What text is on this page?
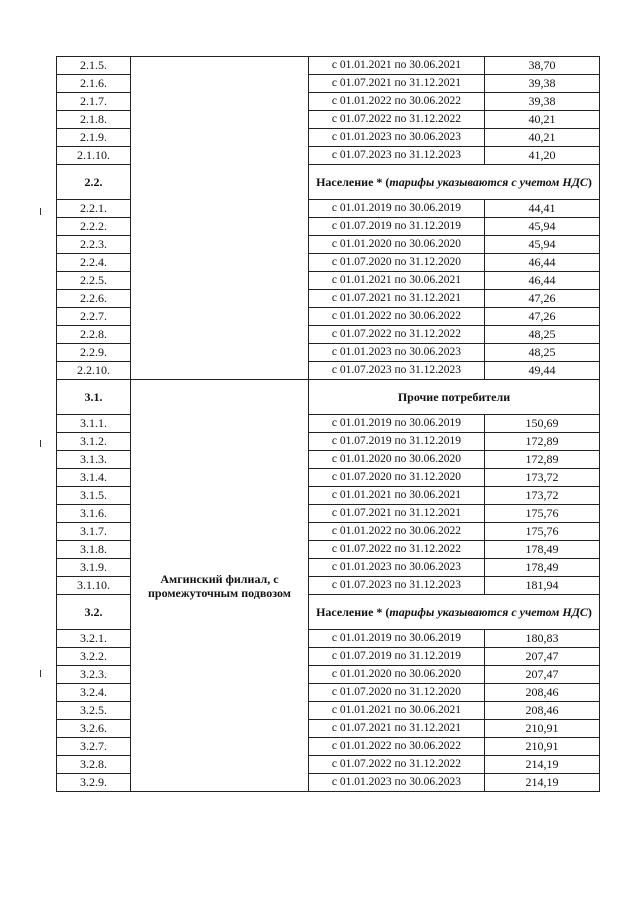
2.1.5.		с 01.01.2021 по 30.06.2021	38,70
2.1.6.		с 01.07.2021 по 31.12.2021	39,38
2.1.7.		с 01.01.2022 по 30.06.2022	39,38
2.1.8.		с 01.07.2022 по 31.12.2022	40,21
2.1.9.		с 01.01.2023 по 30.06.2023	40,21
2.1.10.		с 01.07.2023 по 31.12.2023	41,20
2.2.		Население * (тарифы указываются с учетом НДС)	
2.2.1.		с 01.01.2019 по 30.06.2019	44,41
2.2.2.		с 01.07.2019 по 31.12.2019	45,94
2.2.3.		с 01.01.2020 по 30.06.2020	45,94
2.2.4.		с 01.07.2020 по 31.12.2020	46,44
2.2.5.		с 01.01.2021 по 30.06.2021	46,44
2.2.6.		с 01.07.2021 по 31.12.2021	47,26
2.2.7.		с 01.01.2022 по 30.06.2022	47,26
2.2.8.		с 01.07.2022 по 31.12.2022	48,25
2.2.9.		с 01.01.2023 по 30.06.2023	48,25
2.2.10.		с 01.07.2023 по 31.12.2023	49,44
3.1.	Амгинский филиал, с промежуточным подвозом	Прочие потребители	
3.1.1.		с 01.01.2019 по 30.06.2019	150,69
3.1.2.		с 01.07.2019 по 31.12.2019	172,89
3.1.3.		с 01.01.2020 по 30.06.2020	172,89
3.1.4.		с 01.07.2020 по 31.12.2020	173,72
3.1.5.		с 01.01.2021 по 30.06.2021	173,72
3.1.6.		с 01.07.2021 по 31.12.2021	175,76
3.1.7.		с 01.01.2022 по 30.06.2022	175,76
3.1.8.		с 01.07.2022 по 31.12.2022	178,49
3.1.9.		с 01.01.2023 по 30.06.2023	178,49
3.1.10.		с 01.07.2023 по 31.12.2023	181,94
3.2.		Население * (тарифы указываются с учетом НДС)	
3.2.1.		с 01.01.2019 по 30.06.2019	180,83
3.2.2.		с 01.07.2019 по 31.12.2019	207,47
3.2.3.		с 01.01.2020 по 30.06.2020	207,47
3.2.4.		с 01.07.2020 по 31.12.2020	208,46
3.2.5.		с 01.01.2021 по 30.06.2021	208,46
3.2.6.		с 01.07.2021 по 31.12.2021	210,91
3.2.7.		с 01.01.2022 по 30.06.2022	210,91
3.2.8.		с 01.07.2022 по 31.12.2022	214,19
3.2.9.		с 01.01.2023 по 30.06.2023	214,19
